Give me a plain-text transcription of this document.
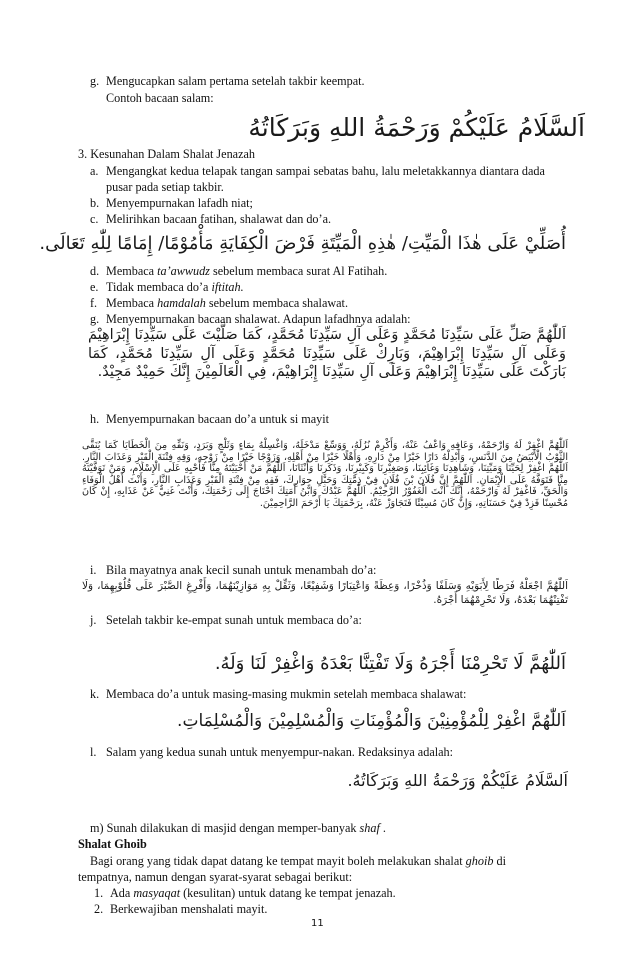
g. Mengucapkan salam pertama setelah takbir keempat.
Contoh bacaan salam:
اَلسَّلَامُ عَلَيْكُمْ وَرَحْمَةُ اللهِ وَبَرَكَاتُهُ
3. Kesunahan Dalam Shalat Jenazah
a. Mengangkat kedua telapak tangan sampai sebatas bahu, lalu meletakkannya diantara dada
pusar pada setiap takbir.
b. Menyempurnakan lafadh niat;
c. Melirihkan bacaan fatihan, shalawat dan do’a.
أُصَلِّيْ عَلَى هٰذَا الْمَيِّتِ/ هٰذِهِ الْمَيِّتَةِ فَرْضَ الْكِفَايَةِ مَأْمُوْمًا/ إِمَامًا لِلّٰهِ تَعَالَى.
d. Membaca ta’awwudz sebelum membaca surat Al Fatihah.
e. Tidak membaca do’a iftitah.
f. Membaca hamdalah sebelum membaca shalawat.
g. Menyempurnakan bacaan shalawat. Adapun lafadhnya adalah:
اَللّٰهُمَّ صَلِّ عَلَى سَيِّدِنَا مُحَمَّدٍ وَعَلَى آلِ سَيِّدِنَا مُحَمَّدٍ، كَمَا صَلَّيْتَ عَلَى سَيِّدِنَا إِبْرَاهِيْمَ وَعَلَى آلِ سَيِّدِنَا إِبْرَاهِيْمَ، وَبَارِكْ عَلَى سَيِّدِنَا مُحَمَّدٍ وَعَلَى آلِ سَيِّدِنَا مُحَمَّدٍ، كَمَا بَارَكْتَ عَلَى سَيِّدِنَا إِبْرَاهِيْمَ وَعَلَى آلِ سَيِّدِنَا إِبْرَاهِيْمَ، فِي الْعَالَمِيْنَ إِنَّكَ حَمِيْدٌ مَجِيْدٌ.
h. Menyempurnakan bacaan do’a untuk si mayit
اَللّٰهُمَّ اغْفِرْ لَهُ وَارْحَمْهُ، وَعَافِهِ وَاعْفُ عَنْهُ، وَأَكْرِمْ نُزُلَهُ، وَوَسِّعْ مَدْخَلَهُ، وَاغْسِلْهُ بِمَاءٍ وَثَلْجٍ وَبَرَدٍ، وَنَقِّهِ مِنَ الْخَطَايَا كَمَا يُنَقَّى الثَّوْبُ الْأَبْيَضُ مِنَ الدَّنَسِ، وَأَبْدِلْهُ دَارًا خَيْرًا مِنْ دَارِهِ، وَأَهْلًا خَيْرًا مِنْ أَهْلِهِ، وَزَوْجًا خَيْرًا مِنْ زَوْجِهِ، وَقِهِ فِتْنَةَ الْقَبْرِ وَعَذَابَ النَّارِ. اَللّٰهُمَّ اغْفِرْ لِحَيِّنَا وَمَيِّتِنَا، وَشَاهِدِنَا وَغَائِبِنَا، وَصَغِيْرِنَا وَكَبِيْرِنَا، وَذَكَرِنَا وَأُنْثَانَا، اَللّٰهُمَّ مَنْ أَحْيَيْتَهُ مِنَّا فَأَحْيِهِ عَلَى الْإِسْلَامِ، وَمَنْ تَوَفَّيْتَهُ مِنَّا فَتَوَفَّهُ عَلَى الْإِيْمَانِ. اَللّٰهُمَّ إِنَّ فُلَانَ بْنَ فُلَانٍ فِيْ ذِمَّتِكَ وَحَبْلِ جِوَارِكَ، فَقِهِ مِنْ فِتْنَةِ الْقَبْرِ وَعَذَابِ النَّارِ، وَأَنْتَ أَهْلُ الْوَفَاءِ وَالْحَقِّ، فَاغْفِرْ لَهُ وَارْحَمْهُ، إِنَّكَ أَنْتَ الْغَفُوْرُ الرَّحِيْمُ. اَللّٰهُمَّ عَبْدُكَ وَابْنُ أَمَتِكَ احْتَاجَ إِلَى رَحْمَتِكَ، وَأَنْتَ غَنِيٌّ عَنْ عَذَابِهِ، إِنْ كَانَ مُحْسِنًا فَزِدْ فِيْ حَسَنَاتِهِ، وَإِنْ كَانَ مُسِيْئًا فَتَجَاوَزْ عَنْهُ، بِرَحْمَتِكَ يَا أَرْحَمَ الرَّاحِمِيْنَ.
i. Bila mayatnya anak kecil sunah untuk menambah do’a:
اَللّٰهُمَّ اجْعَلْهُ فَرَطًا لِأَبَوَيْهِ وَسَلَفًا وَذُخْرًا، وَعِظَةً وَاعْتِبَارًا وَشَفِيْعًا، وَثَقِّلْ بِهِ مَوَازِيْنَهُمَا، وَأَفْرِغِ الصَّبْرَ عَلَى قُلُوْبِهِمَا، وَلَا تَفْتِنْهُمَا بَعْدَهُ، وَلَا تَحْرِمْهُمَا أَجْرَهُ.
j. Setelah takbir ke-empat sunah untuk membaca do’a:
اَللّٰهُمَّ لَا تَحْرِمْنَا أَجْرَهُ وَلَا تَفْتِنَّا بَعْدَهُ وَاغْفِرْ لَنَا وَلَهُ.
k. Membaca do’a untuk masing-masing mukmin setelah membaca shalawat:
اَللّٰهُمَّ اغْفِرْ لِلْمُؤْمِنِيْنَ وَالْمُؤْمِنَاتِ وَالْمُسْلِمِيْنَ وَالْمُسْلِمَاتِ.
l. Salam yang kedua sunah untuk menyempur-nakan. Redaksinya adalah:
اَلسَّلَامُ عَلَيْكُمْ وَرَحْمَةُ اللهِ وَبَرَكَاتُهُ.
m) Sunah dilakukan di masjid dengan memper-banyak shaf .
Shalat Ghoib
Bagi orang yang tidak dapat datang ke tempat mayit boleh melakukan shalat ghoib di
tempatnya, namun dengan syarat-syarat sebagai berikut:
1. Ada masyaqat (kesulitan) untuk datang ke tempat jenazah.
2. Berkewajiban menshalati mayit.
11
